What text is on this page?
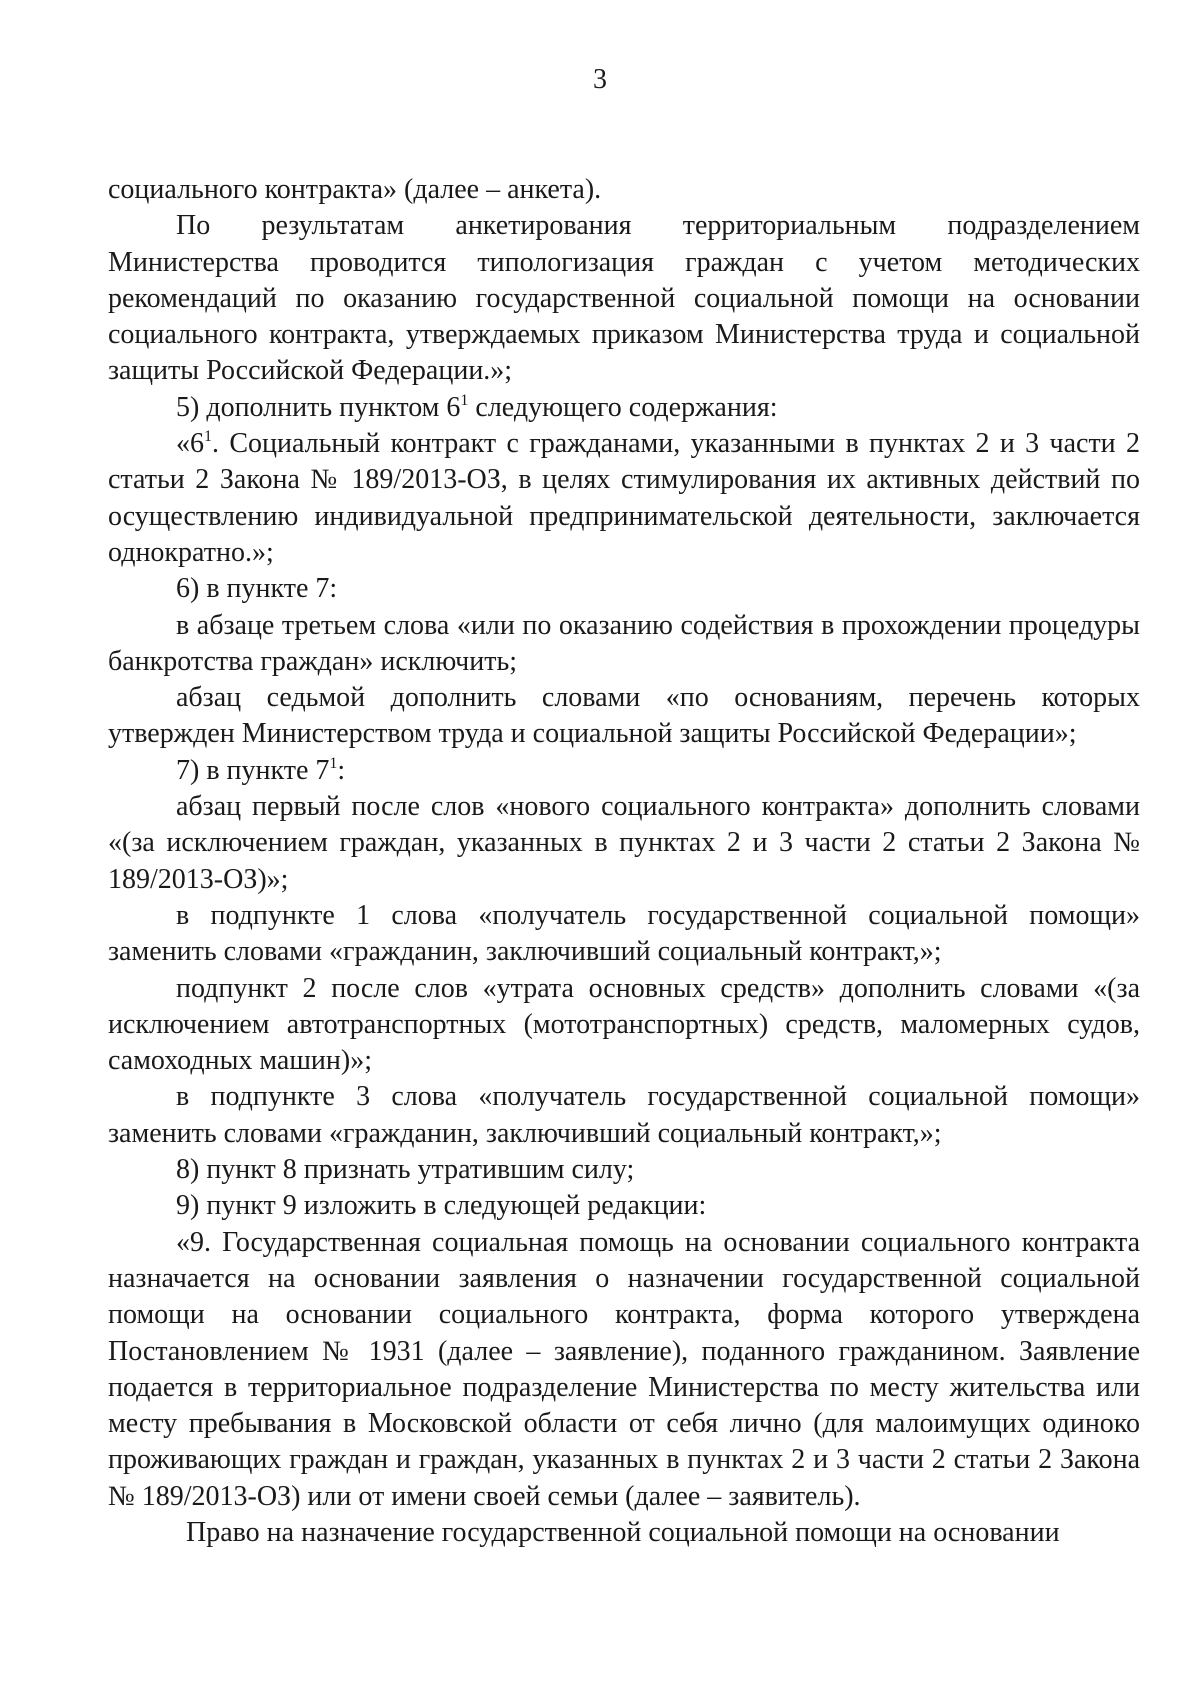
3

социального контракта» (далее – анкета).

По результатам анкетирования территориальным подразделением Министерства проводится типологизация граждан с учетом методических рекомендаций по оказанию государственной социальной помощи на основании социального контракта, утверждаемых приказом Министерства труда и социальной защиты Российской Федерации.»;

5) дополнить пунктом $6^1$ следующего содержания:

«$6^1$. Социальный контракт с гражданами, указанными в пунктах 2 и 3 части 2 статьи 2 Закона № 189/2013-ОЗ, в целях стимулирования их активных действий по осуществлению индивидуальной предпринимательской деятельности, заключается однократно.»;

6) в пункте 7:

в абзаце третьем слова «или по оказанию содействия в прохождении процедуры банкротства граждан» исключить;

абзац седьмой дополнить словами «по основаниям, перечень которых утвержден Министерством труда и социальной защиты Российской Федерации»;

7) в пункте $7^1$:

абзац первый после слов «нового социального контракта» дополнить словами «(за исключением граждан, указанных в пунктах 2 и 3 части 2 статьи 2 Закона № 189/2013-ОЗ)»;

в подпункте 1 слова «получатель государственной социальной помощи» заменить словами «гражданин, заключивший социальный контракт,»;

подпункт 2 после слов «утрата основных средств» дополнить словами «(за исключением автотранспортных (мототранспортных) средств, маломерных судов, самоходных машин)»;

в подпункте 3 слова «получатель государственной социальной помощи» заменить словами «гражданин, заключивший социальный контракт,»;

8) пункт 8 признать утратившим силу;

9) пункт 9 изложить в следующей редакции:

«9. Государственная социальная помощь на основании социального контракта назначается на основании заявления о назначении государственной социальной помощи на основании социального контракта, форма которого утверждена Постановлением № 1931 (далее – заявление), поданного гражданином. Заявление подается в территориальное подразделение Министерства по месту жительства или месту пребывания в Московской области от себя лично (для малоимущих одиноко проживающих граждан и граждан, указанных в пунктах 2 и 3 части 2 статьи 2 Закона № 189/2013-ОЗ) или от имени своей семьи (далее – заявитель).

Право на назначение государственной социальной помощи на основании
